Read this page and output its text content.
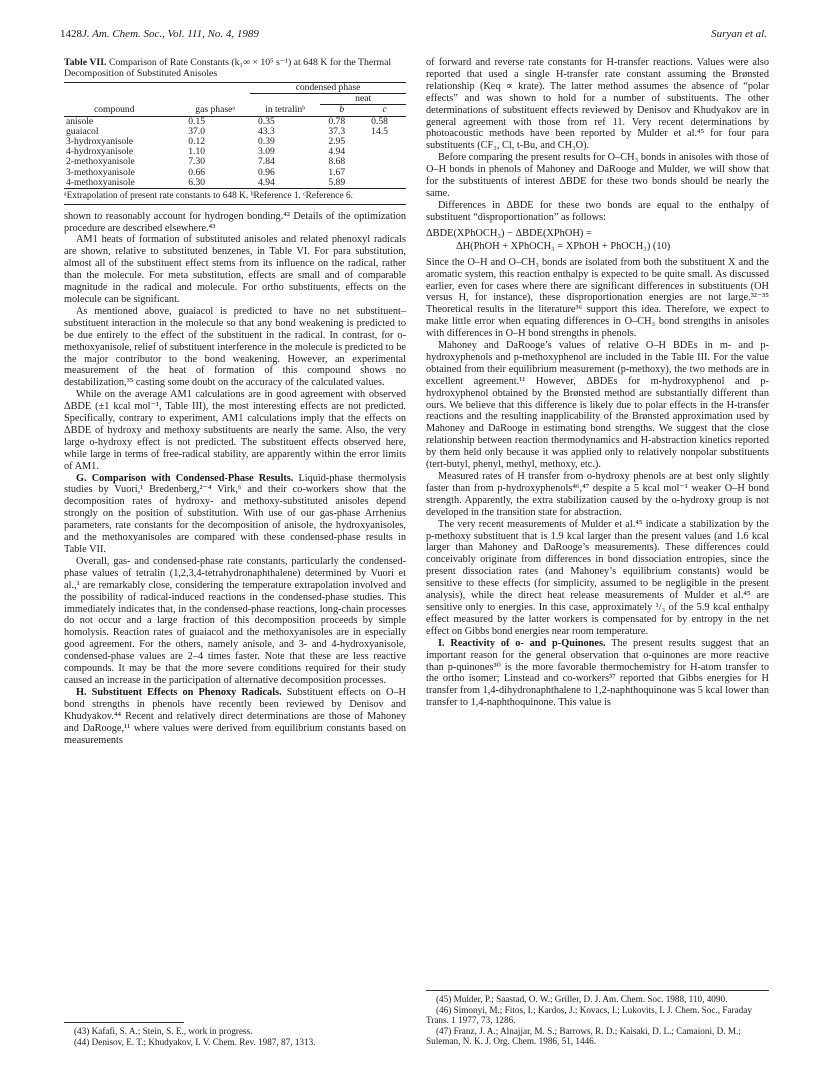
1428 J. Am. Chem. Soc., Vol. 111, No. 4, 1989	Suryan et al.

Table VII. Comparison of Rate Constants (k₁∞ × 10⁵ s⁻¹) at 648 K for the Thermal Decomposition of Substituted Anisoles

		condensed phase		
			neat	
compound	gas phaseᵃ	in tetralinᵇ	b	c
anisole	0.15	0.35	0.78	0.58
guaiacol	37.0	43.3	37.3	14.5
3-hydroxyanisole	0.12	0.39	2.95	
4-hydroxyanisole	1.10	3.09	4.94	
2-methoxyanisole	7.30	7.84	8.68	
3-methoxyanisole	0.66	0.96	1.67	
4-methoxyanisole	6.30	4.94	5.89	
ᵃExtrapolation of present rate constants to 648 K. ᵇReference 1. ᶜReference 6.

shown to reasonably account for hydrogen bonding.⁴² Details of the optimization procedure are described elsewhere.⁴³

AM1 heats of formation of substituted anisoles and related phenoxyl radicals are shown, relative to substituted benzenes, in Table VI. For para substitution, almost all of the substituent effect stems from its influence on the radical, rather than the molecule. For meta substitution, effects are small and of comparable magnitude in the radical and molecule. For ortho substituents, effects on the molecule can be significant.

As mentioned above, guaiacol is predicted to have no net substituent–substituent interaction in the molecule so that any bond weakening is predicted to be due entirely to the effect of the substituent in the radical. In contrast, for o-methoxyanisole, relief of substituent interference in the molecule is predicted to be the major contributor to the bond weakening. However, an experimental measurement of the heat of formation of this compound shows no destabilization,³⁵ casting some doubt on the accuracy of the calculated values.

While on the average AM1 calculations are in good agreement with observed ΔBDE (±1 kcal mol⁻¹, Table III), the most interesting effects are not predicted. Specifically, contrary to experiment, AM1 calculations imply that the effects on ΔBDE of hydroxy and methoxy substituents are nearly the same. Also, the very large o-hydroxy effect is not predicted. The substituent effects observed here, while large in terms of free-radical stability, are apparently within the error limits of AM1.

G. Comparison with Condensed-Phase Results. Liquid-phase thermolysis studies by Vuori,¹ Bredenberg,²⁻⁴ Virk,⁶ and their co-workers show that the decomposition rates of hydroxy- and methoxy-substituted anisoles depend strongly on the position of substitution. With use of our gas-phase Arrhenius parameters, rate constants for the decomposition of anisole, the hydroxyanisoles, and the methoxyanisoles are compared with these condensed-phase results in Table VII.

Overall, gas- and condensed-phase rate constants, particularly the condensed-phase values of tetralin (1,2,3,4-tetrahydronaphthalene) determined by Vuori et al.,¹ are remarkably close, considering the temperature extrapolation involved and the possibility of radical-induced reactions in the condensed-phase studies. This immediately indicates that, in the condensed-phase reactions, long-chain processes do not occur and a large fraction of this decomposition proceeds by simple homolysis. Reaction rates of guaiacol and the methoxyanisoles are in especially good agreement. For the others, namely anisole, and 3- and 4-hydroxyanisole, condensed-phase values are 2–4 times faster. Note that these are less reactive compounds. It may be that the more severe conditions required for their study caused an increase in the participation of alternative decomposition processes.

H. Substituent Effects on Phenoxy Radicals. Substituent effects on O–H bond strengths in phenols have recently been reviewed by Denisov and Khudyakov.⁴⁴ Recent and relatively direct determinations are those of Mahoney and DaRooge,¹¹ where values were derived from equilibrium constants based on measurements

(43) Kafafi, S. A.; Stein, S. E., work in progress.

(44) Denisov, E. T.; Khudyakov, I. V. Chem. Rev. 1987, 87, 1313.

of forward and reverse rate constants for H-transfer reactions. Values were also reported that used a single H-transfer rate constant assuming the Brønsted relationship (Keq ∝ krate). The latter method assumes the absence of “polar effects” and was shown to hold for a number of substituents. The other determinations of substituent effects reviewed by Denisov and Khudyakov are in general agreement with those from ref 11. Very recent determinations by photoacoustic methods have been reported by Mulder et al.⁴⁵ for four para substituents (CF₃, Cl, t-Bu, and CH₃O).

Before comparing the present results for O–CH₃ bonds in anisoles with those of O–H bonds in phenols of Mahoney and DaRooge and Mulder, we will show that for the substituents of interest ΔBDE for these two bonds should be nearly the same.

Differences in ΔBDE for these two bonds are equal to the enthalpy of substituent “disproportionation” as follows:

ΔBDE(XPhOCH₃) − ΔBDE(XPhOH) =
ΔH(PhOH + XPhOCH₃ = XPhOH + PhOCH₃) (10)

Since the O–H and O–CH₃ bonds are isolated from both the substituent X and the aromatic system, this reaction enthalpy is expected to be quite small. As discussed earlier, even for cases where there are significant differences in substituents (OH versus H, for instance), these disproportionation energies are not large.³²⁻³⁵ Theoretical results in the literature³⁶ support this idea. Therefore, we expect to make little error when equating differences in O–CH₃ bond strengths in anisoles with differences in O–H bond strengths in phenols.

Mahoney and DaRooge’s values of relative O–H BDEs in m- and p-hydroxyphenols and p-methoxyphenol are included in the Table III. For the value obtained from their equilibrium measurement (p-methoxy), the two methods are in excellent agreement.¹¹ However, ΔBDEs for m-hydroxyphenol and p-hydroxyphenol obtained by the Brønsted method are substantially different than ours. We believe that this difference is likely due to polar effects in the H-transfer reactions and the resulting inapplicability of the Brønsted approximation used by Mahoney and DaRooge in estimating bond strengths. We suggest that the close relationship between reaction thermodynamics and H-abstraction kinetics reported by them held only because it was applied only to relatively nonpolar substituents (tert-butyl, phenyl, methyl, methoxy, etc.).

Measured rates of H transfer from o-hydroxy phenols are at best only slightly faster than from p-hydroxyphenols⁴⁶,⁴⁷ despite a 5 kcal mol⁻¹ weaker O–H bond strength. Apparently, the extra stabilization caused by the o-hydroxy group is not developed in the transition state for abstraction.

The very recent measurements of Mulder et al.⁴⁵ indicate a stabilization by the p-methoxy substituent that is 1.9 kcal larger than the present values (and 1.6 kcal larger than Mahoney and DaRooge’s measurements). These differences could conceivably originate from differences in bond dissociation entropies, since the present dissociation rates (and Mahoney’s equilibrium constants) would be sensitive to these effects (for simplicity, assumed to be negligible in the present analysis), while the direct heat release measurements of Mulder et al.⁴⁵ are sensitive only to energies. In this case, approximately ¹/₃ of the 5.9 kcal enthalpy effect measured by the latter workers is compensated for by entropy in the net effect on Gibbs bond energies near room temperature.

I. Reactivity of o- and p-Quinones. The present results suggest that an important reason for the general observation that o-quinones are more reactive than p-quinones³⁰ is the more favorable thermochemistry for H-atom transfer to the ortho isomer; Linstead and co-workers³⁷ reported that Gibbs energies for H transfer from 1,4-dihydronaphthalene to 1,2-naphthoquinone was 5 kcal lower than transfer to 1,4-naphthoquinone. This value is

(45) Mulder, P.; Saastad, O. W.; Griller, D. J. Am. Chem. Soc. 1988, 110, 4090.

(46) Simonyi, M.; Fitos, I.; Kardos, J.; Kovacs, I.; Lukovits, I. J. Chem. Soc., Faraday Trans. 1 1977, 73, 1286.

(47) Franz, J. A.; Alnajjar, M. S.; Barrows, R. D.; Kaisaki, D. L.; Camaioni, D. M.; Suleman, N. K. J. Org. Chem. 1986, 51, 1446.
